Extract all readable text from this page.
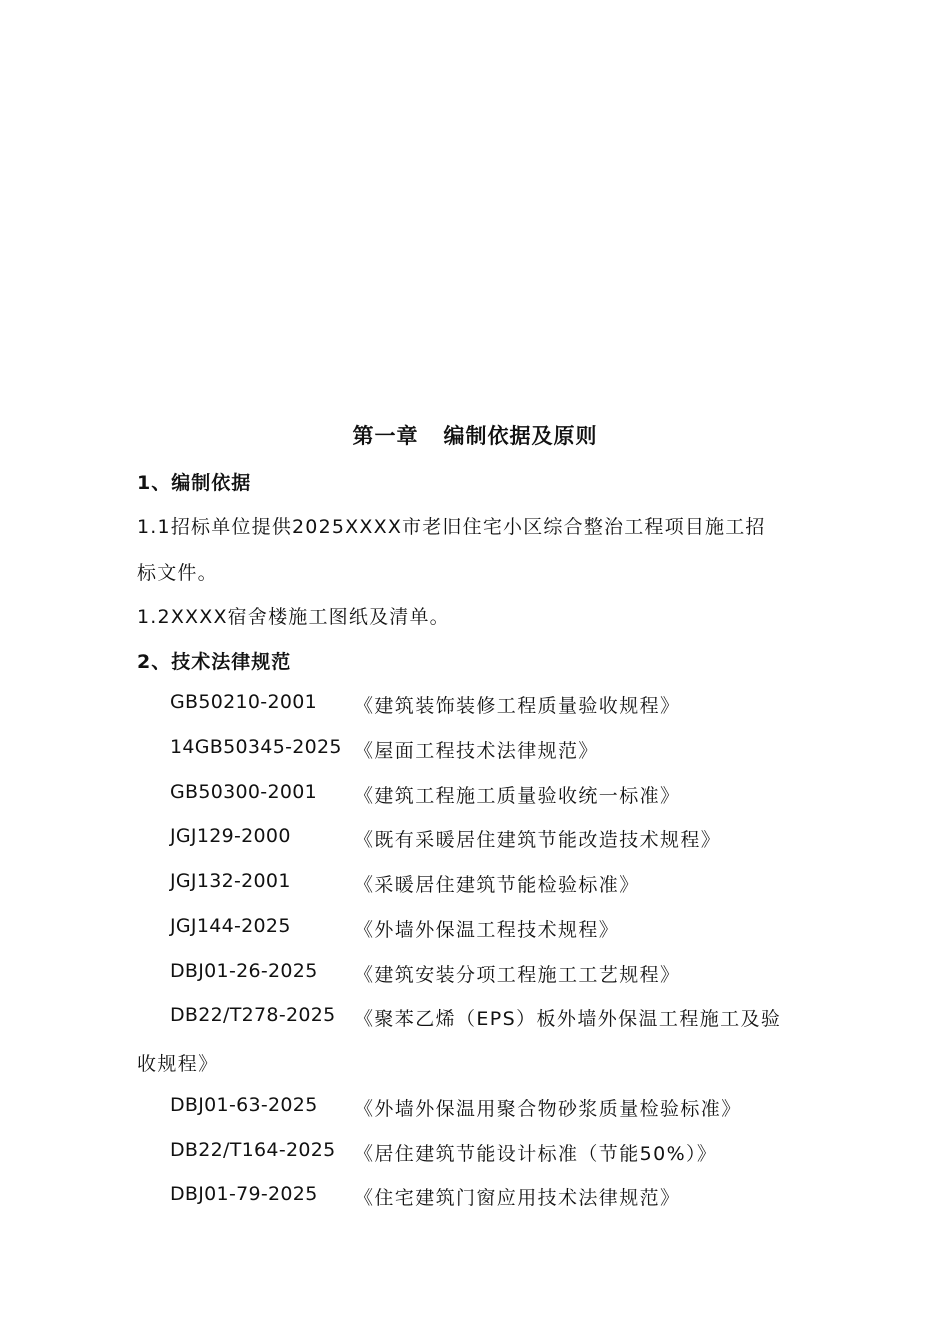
第一章   编制依据及原则
1、编制依据
1.1招标单位提供2025XXXX市老旧住宅小区综合整治工程项目施工招
标文件。
1.2XXXX宿舍楼施工图纸及清单。
2、技术法律规范
GB50210-2001 《建筑装饰装修工程质量验收规程》
14GB50345-2025 《屋面工程技术法律规范》
GB50300-2001 《建筑工程施工质量验收统一标准》
JGJ129-2000	《既有采暖居住建筑节能改造技术规程》
JGJ132-2001	《采暖居住建筑节能检验标准》
JGJ144-2025	《外墙外保温工程技术规程》
DBJ01-26-2025 《建筑安装分项工程施工工艺规程》
DB22/T278-2025 《聚苯乙烯（EPS）板外墙外保温工程施工及验
收规程》
DBJ01-63-2025 《外墙外保温用聚合物砂浆质量检验标准》
DB22/T164-2025 《居住建筑节能设计标准（节能50%）》
DBJ01-79-2025 《住宅建筑门窗应用技术法律规范》
